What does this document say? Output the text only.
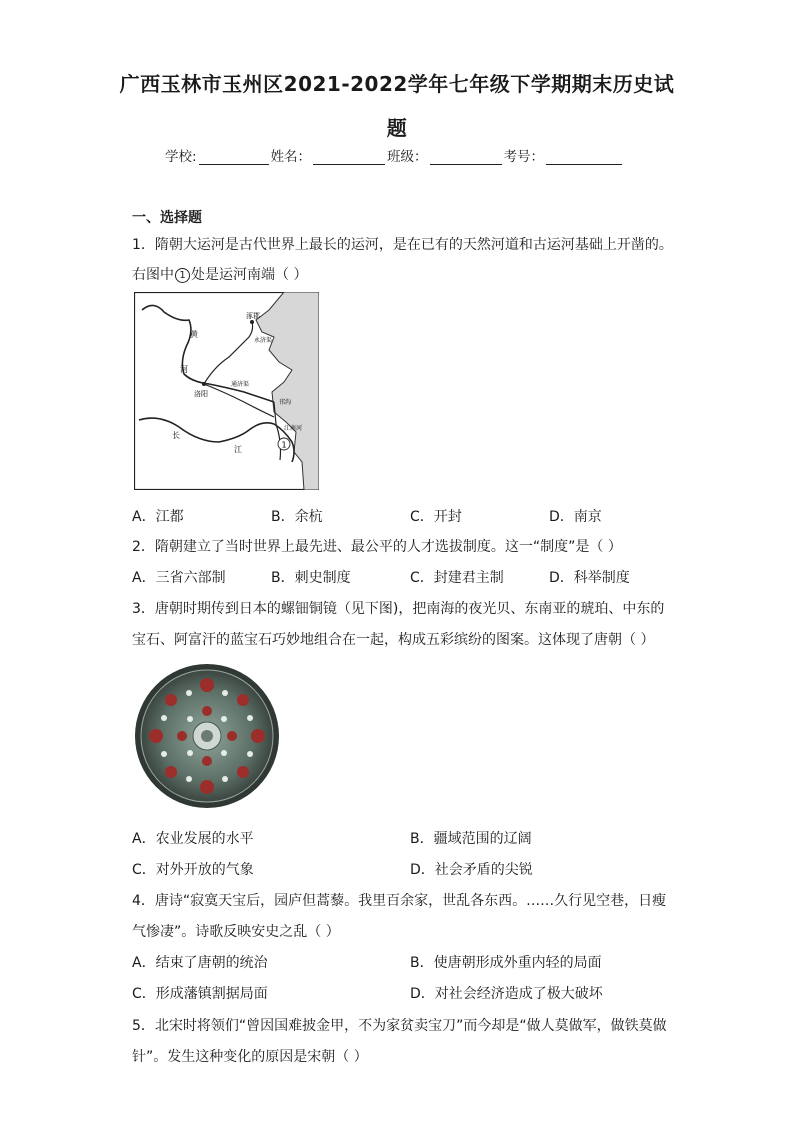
广西玉林市玉州区2021-2022学年七年级下学期期末历史试
题
学校:	姓名：	班级：	考号：
一、选择题
1．隋朝大运河是古代世界上最长的运河，是在已有的天然河道和古运河基础上开凿的。
右图中 1 处是运河南端（ ）
涿郡
永济渠
黄
河
洛阳
通济渠
邗沟
江南河
长
江	1
A．江都	B．余杭	C．开封	D．南京
2．隋朝建立了当时世界上最先进、最公平的人才选拔制度。这一“制度”是（ ）
A．三省六部制	B．刺史制度	C．封建君主制	D．科举制度
3．唐朝时期传到日本的螺钿铜镜（见下图)，把南海的夜光贝、东南亚的琥珀、中东的
宝石、阿富汗的蓝宝石巧妙地组合在一起，构成五彩缤纷的图案。这体现了唐朝（ ）
A．农业发展的水平	B．疆域范围的辽阔
C．对外开放的气象	D．社会矛盾的尖锐
4．唐诗“寂寞天宝后，园庐但蒿藜。我里百余家，世乱各东西。……久行见空巷，日瘦
气惨凄”。诗歌反映安史之乱（ ）
A．结束了唐朝的统治	B．使唐朝形成外重内轻的局面
C．形成藩镇割据局面	D．对社会经济造成了极大破坏
5．北宋时将领们“曾因国难披金甲，不为家贫卖宝刀”而今却是“做人莫做军，做铁莫做
针”。发生这种变化的原因是宋朝（ ）
